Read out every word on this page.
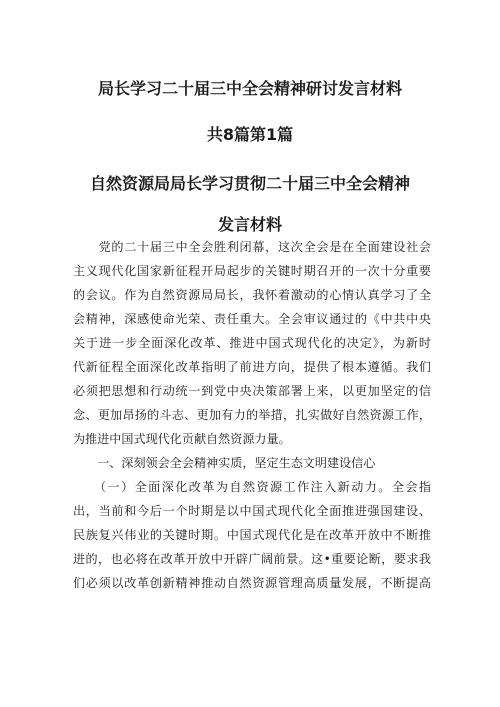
局长学习二十届三中全会精神研讨发言材料
共8篇第1篇
自然资源局局长学习贯彻二十届三中全会精神
发言材料
　　党的二十届三中全会胜利闭幕，这次全会是在全面建设社会
主义现代化国家新征程开局起步的关键时期召开的一次十分重要
的会议。作为自然资源局局长，我怀着激动的心情认真学习了全
会精神，深感使命光荣、责任重大。全会审议通过的《中共中央
关于进一步全面深化改革、推进中国式现代化的决定》，为新时
代新征程全面深化改革指明了前进方向，提供了根本遵循。我们
必须把思想和行动统一到党中央决策部署上来，以更加坚定的信
念、更加昂扬的斗志、更加有力的举措，扎实做好自然资源工作，
为推进中国式现代化贡献自然资源力量。
　　一、深刻领会全会精神实质，坚定生态文明建设信心
　　（一）全面深化改革为自然资源工作注入新动力。全会指
出，当前和今后一个时期是以中国式现代化全面推进强国建设、
民族复兴伟业的关键时期。中国式现代化是在改革开放中不断推
进的，也必将在改革开放中开辟广阔前景。这•重要论断，要求我
们必须以改革创新精神推动自然资源管理高质量发展，不断提高
